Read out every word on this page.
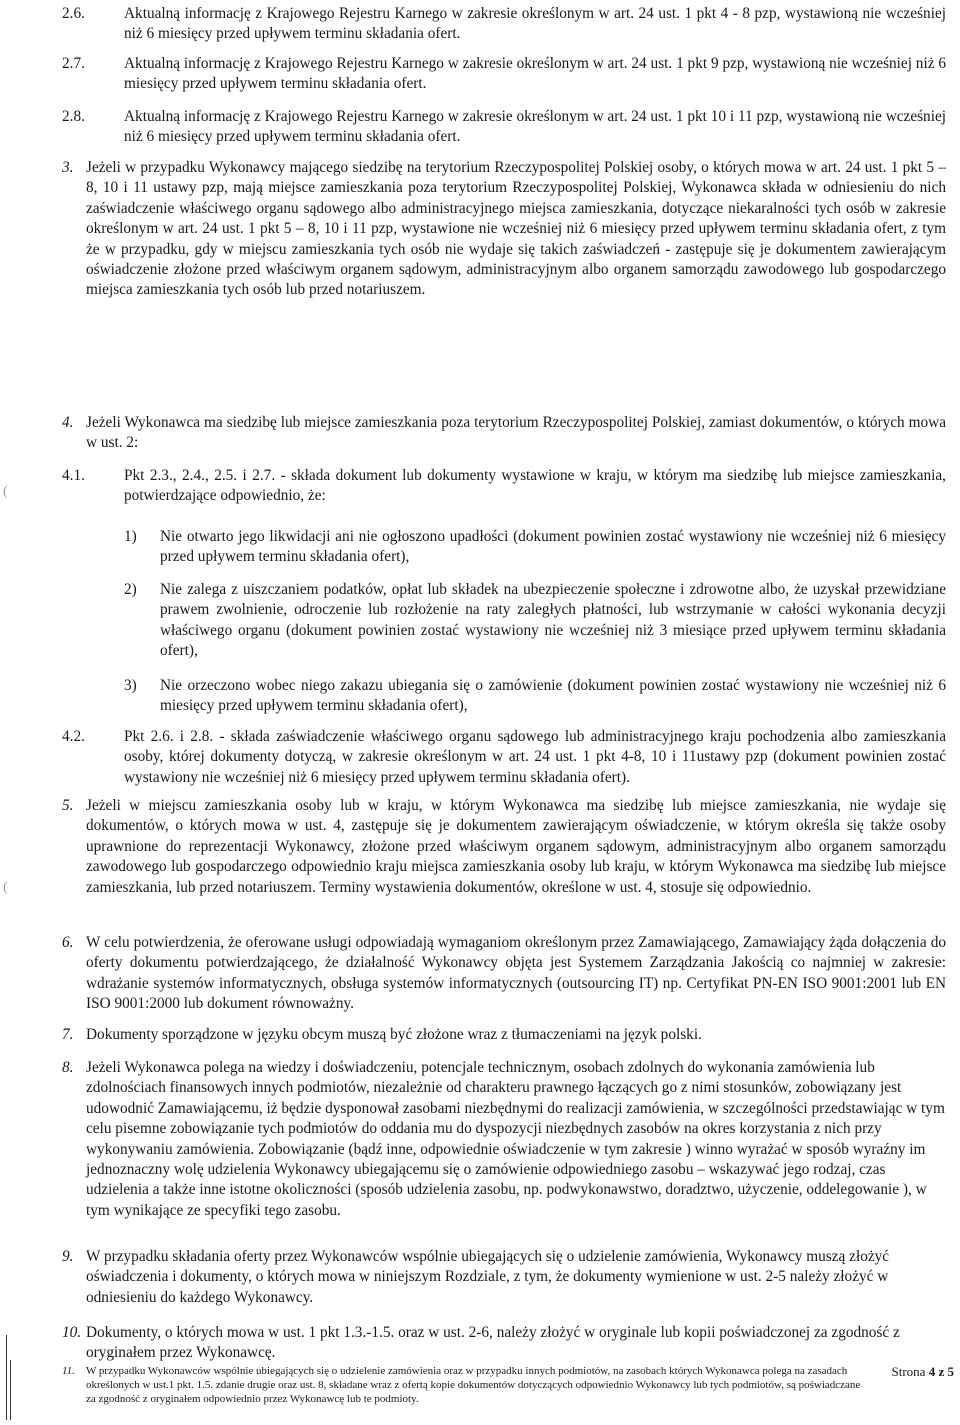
2.6.	Aktualną informację z Krajowego Rejestru Karnego w zakresie określonym w art. 24 ust. 1 pkt 4 - 8 pzp, wystawioną nie wcześniej niż 6 miesięcy przed upływem terminu składania ofert.
2.7.	Aktualną informację z Krajowego Rejestru Karnego w zakresie określonym w art. 24 ust. 1 pkt 9 pzp, wystawioną nie wcześniej niż 6 miesięcy przed upływem terminu składania ofert.
2.8.	Aktualną informację z Krajowego Rejestru Karnego w zakresie określonym w art. 24 ust. 1 pkt 10 i 11 pzp, wystawioną nie wcześniej niż 6 miesięcy przed upływem terminu składania ofert.
3. Jeżeli w przypadku Wykonawcy mającego siedzibę na terytorium Rzeczypospolitej Polskiej osoby, o których mowa w art. 24 ust. 1 pkt 5 – 8, 10 i 11 ustawy pzp, mają miejsce zamieszkania poza terytorium Rzeczypospolitej Polskiej, Wykonawca składa w odniesieniu do nich zaświadczenie właściwego organu sądowego albo administracyjnego miejsca zamieszkania, dotyczące niekaralności tych osób w zakresie określonym w art. 24 ust. 1 pkt 5 – 8, 10 i 11 pzp, wystawione nie wcześniej niż 6 miesięcy przed upływem terminu składania ofert, z tym że w przypadku, gdy w miejscu zamieszkania tych osób nie wydaje się takich zaświadczeń - zastępuje się je dokumentem zawierającym oświadczenie złożone przed właściwym organem sądowym, administracyjnym albo organem samorządu zawodowego lub gospodarczego miejsca zamieszkania tych osób lub przed notariuszem.
4. Jeżeli Wykonawca ma siedzibę lub miejsce zamieszkania poza terytorium Rzeczypospolitej Polskiej, zamiast dokumentów, o których mowa w ust. 2:
4.1.	Pkt 2.3., 2.4., 2.5. i 2.7. - składa dokument lub dokumenty wystawione w kraju, w którym ma siedzibę lub miejsce zamieszkania, potwierdzające odpowiednio, że:
1) Nie otwarto jego likwidacji ani nie ogłoszono upadłości (dokument powinien zostać wystawiony nie wcześniej niż 6 miesięcy przed upływem terminu składania ofert),
2) Nie zalega z uiszczaniem podatków, opłat lub składek na ubezpieczenie społeczne i zdrowotne albo, że uzyskał przewidziane prawem zwolnienie, odroczenie lub rozłożenie na raty zaległych płatności, lub wstrzymanie w całości wykonania decyzji właściwego organu (dokument powinien zostać wystawiony nie wcześniej niż 3 miesiące przed upływem terminu składania ofert),
3) Nie orzeczono wobec niego zakazu ubiegania się o zamówienie (dokument powinien zostać wystawiony nie wcześniej niż 6 miesięcy przed upływem terminu składania ofert),
4.2.	Pkt 2.6. i 2.8. - składa zaświadczenie właściwego organu sądowego lub administracyjnego kraju pochodzenia albo zamieszkania osoby, której dokumenty dotyczą, w zakresie określonym w art. 24 ust. 1 pkt 4-8, 10 i 11ustawy pzp (dokument powinien zostać wystawiony nie wcześniej niż 6 miesięcy przed upływem terminu składania ofert).
5. Jeżeli w miejscu zamieszkania osoby lub w kraju, w którym Wykonawca ma siedzibę lub miejsce zamieszkania, nie wydaje się dokumentów, o których mowa w ust. 4, zastępuje się je dokumentem zawierającym oświadczenie, w którym określa się także osoby uprawnione do reprezentacji Wykonawcy, złożone przed właściwym organem sądowym, administracyjnym albo organem samorządu zawodowego lub gospodarczego odpowiednio kraju miejsca zamieszkania osoby lub kraju, w którym Wykonawca ma siedzibę lub miejsce zamieszkania, lub przed notariuszem. Terminy wystawienia dokumentów, określone w ust. 4, stosuje się odpowiednio.
6. W celu potwierdzenia, że oferowane usługi odpowiadają wymaganiom określonym przez Zamawiającego, Zamawiający żąda dołączenia do oferty dokumentu potwierdzającego, że działalność Wykonawcy objęta jest Systemem Zarządzania Jakością co najmniej w zakresie: wdrażanie systemów informatycznych, obsługa systemów informatycznych (outsourcing IT) np. Certyfikat PN-EN ISO 9001:2001 lub EN ISO 9001:2000 lub dokument równoważny.
7. Dokumenty sporządzone w języku obcym muszą być złożone wraz z tłumaczeniami na język polski.
8. Jeżeli Wykonawca polega na wiedzy i doświadczeniu, potencjale technicznym, osobach zdolnych do wykonania zamówienia lub zdolnościach finansowych innych podmiotów, niezależnie od charakteru prawnego łączących go z nimi stosunków, zobowiązany jest udowodnić Zamawiającemu, iż będzie dysponował zasobami niezbędnymi do realizacji zamówienia, w szczególności przedstawiając w tym celu pisemne zobowiązanie tych podmiotów do oddania mu do dyspozycji niezbędnych zasobów na okres korzystania z nich przy wykonywaniu zamówienia. Zobowiązanie (bądź inne, odpowiednie oświadczenie w tym zakresie ) winno wyrażać w sposób wyraźny im jednoznaczny wolę udzielenia Wykonawcy ubiegającemu się o zamówienie odpowiedniego zasobu – wskazywać jego rodzaj, czas udzielenia a także inne istotne okoliczności (sposób udzielenia zasobu, np. podwykonawstwo, doradztwo, użyczenie, oddelegowanie ), w tym wynikające ze specyfiki tego zasobu.
9. W przypadku składania oferty przez Wykonawców wspólnie ubiegających się o udzielenie zamówienia, Wykonawcy muszą złożyć oświadczenia i dokumenty, o których mowa w niniejszym Rozdziale, z tym, że dokumenty wymienione w ust. 2-5 należy złożyć w odniesieniu do każdego Wykonawcy.
10. Dokumenty, o których mowa w ust. 1 pkt 1.3.-1.5. oraz w ust. 2-6, należy złożyć w oryginale lub kopii poświadczonej za zgodność z oryginałem przez Wykonawcę.
11. W przypadku Wykonawców wspólnie ubiegających się o udzielenie zamówienia oraz w przypadku innych podmiotów, na zasobach których Wykonawca polega na zasadach określonych w ust.1 pkt. 1.5. zdanie drugie oraz ust. 8, składane wraz z ofertą kopie dokumentów dotyczących odpowiednio Wykonawcy lub tych podmiotów, są poświadczane za zgodność z oryginałem odpowiednio przez Wykonawcę lub te podmioty.
Strona 4 z 5
(
(
